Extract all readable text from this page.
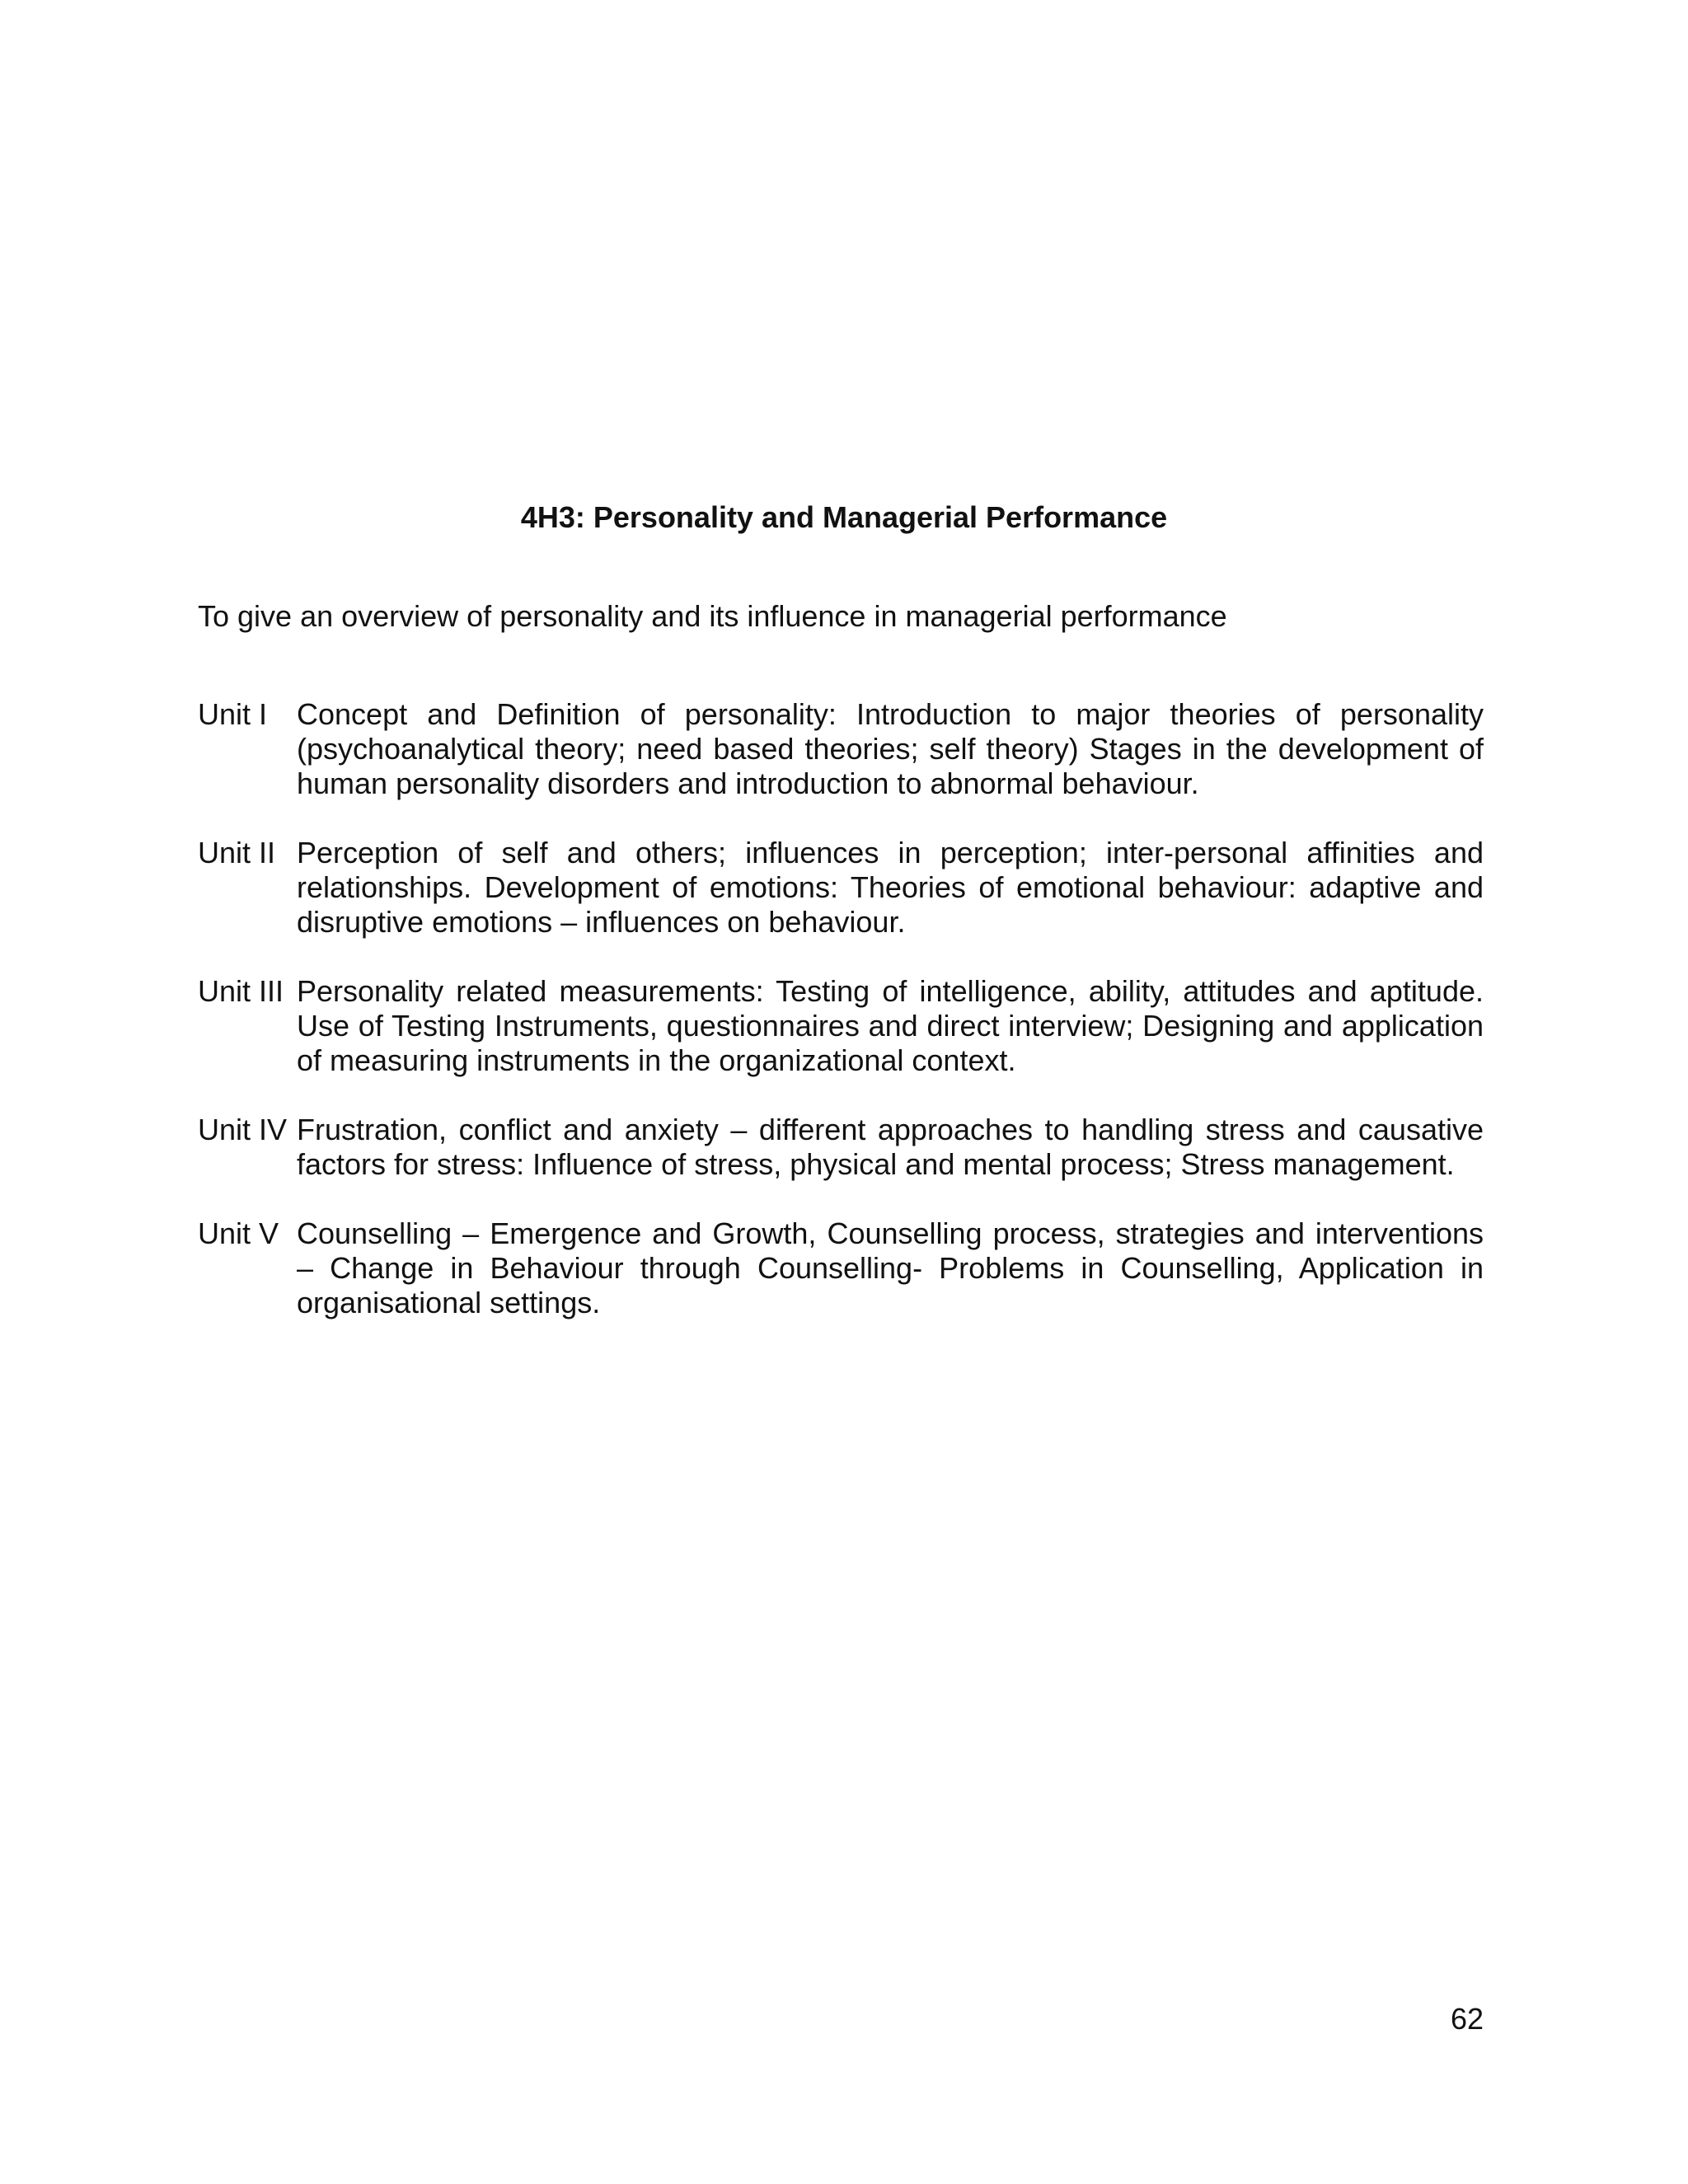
4H3: Personality and Managerial Performance
To give an overview of personality and its influence in managerial performance
Unit I Concept and Definition of personality: Introduction to major theories of personality (psychoanalytical theory; need based theories; self theory) Stages in the development of human personality disorders and introduction to abnormal behaviour.
Unit II Perception of self and others; influences in perception; inter-personal affinities and relationships. Development of emotions: Theories of emotional behaviour: adaptive and disruptive emotions – influences on behaviour.
Unit III Personality related measurements: Testing of intelligence, ability, attitudes and aptitude. Use of Testing Instruments, questionnaires and direct interview; Designing and application of measuring instruments in the organizational context.
Unit IV Frustration, conflict and anxiety – different approaches to handling stress and causative factors for stress: Influence of stress, physical and mental process; Stress management.
Unit V Counselling – Emergence and Growth, Counselling process, strategies and interventions – Change in Behaviour through Counselling- Problems in Counselling, Application in organisational settings.
62
